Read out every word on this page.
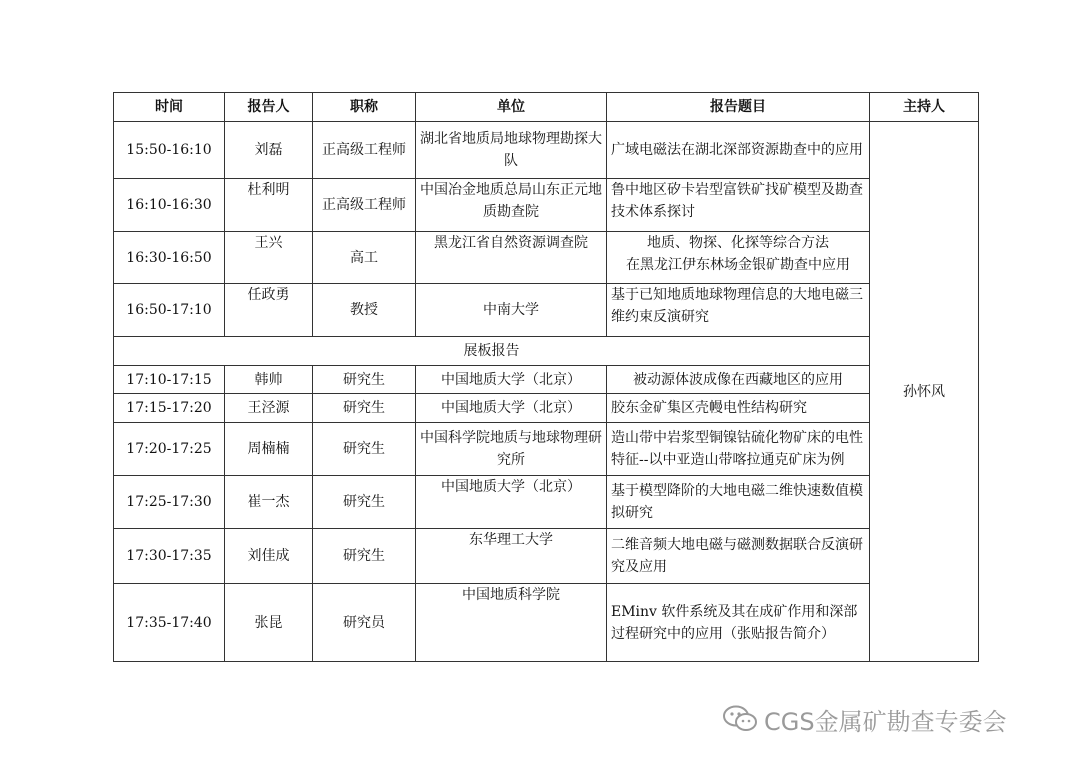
时间	报告人	职称	单位	报告题目	主持人
15:50-16:10	刘磊	正高级工程师	湖北省地质局地球物理勘探大队	广域电磁法在湖北深部资源勘查中的应用	孙怀风
16:10-16:30	杜利明	正高级工程师	中国冶金地质总局山东正元地质勘查院	鲁中地区矽卡岩型富铁矿找矿模型及勘查技术体系探讨	
16:30-16:50	王兴	高工	黑龙江省自然资源调查院	地质、物探、化探等综合方法
在黑龙江伊东林场金银矿勘查中应用	

16:50-17:10	任政勇	教授	中南大学	基于已知地质地球物理信息的大地电磁三维约束反演研究	
展板报告					
17:10-17:15	韩帅	研究生	中国地质大学（北京）	被动源体波成像在西藏地区的应用	
17:15-17:20	王泾源	研究生	中国地质大学（北京）	胶东金矿集区壳幔电性结构研究	
17:20-17:25	周楠楠	研究生	中国科学院地质与地球物理研究所	造山带中岩浆型铜镍钴硫化物矿床的电性特征--以中亚造山带喀拉通克矿床为例	
17:25-17:30	崔一杰	研究生	中国地质大学（北京）	基于模型降阶的大地电磁二维快速数值模拟研究	
17:30-17:35	刘佳成	研究生	东华理工大学	二维音频大地电磁与磁测数据联合反演研究及应用	
17:35-17:40	张昆	研究员	中国地质科学院	EMinv 软件系统及其在成矿作用和深部过程研究中的应用（张贴报告简介）	
CGS金属矿勘查专委会
